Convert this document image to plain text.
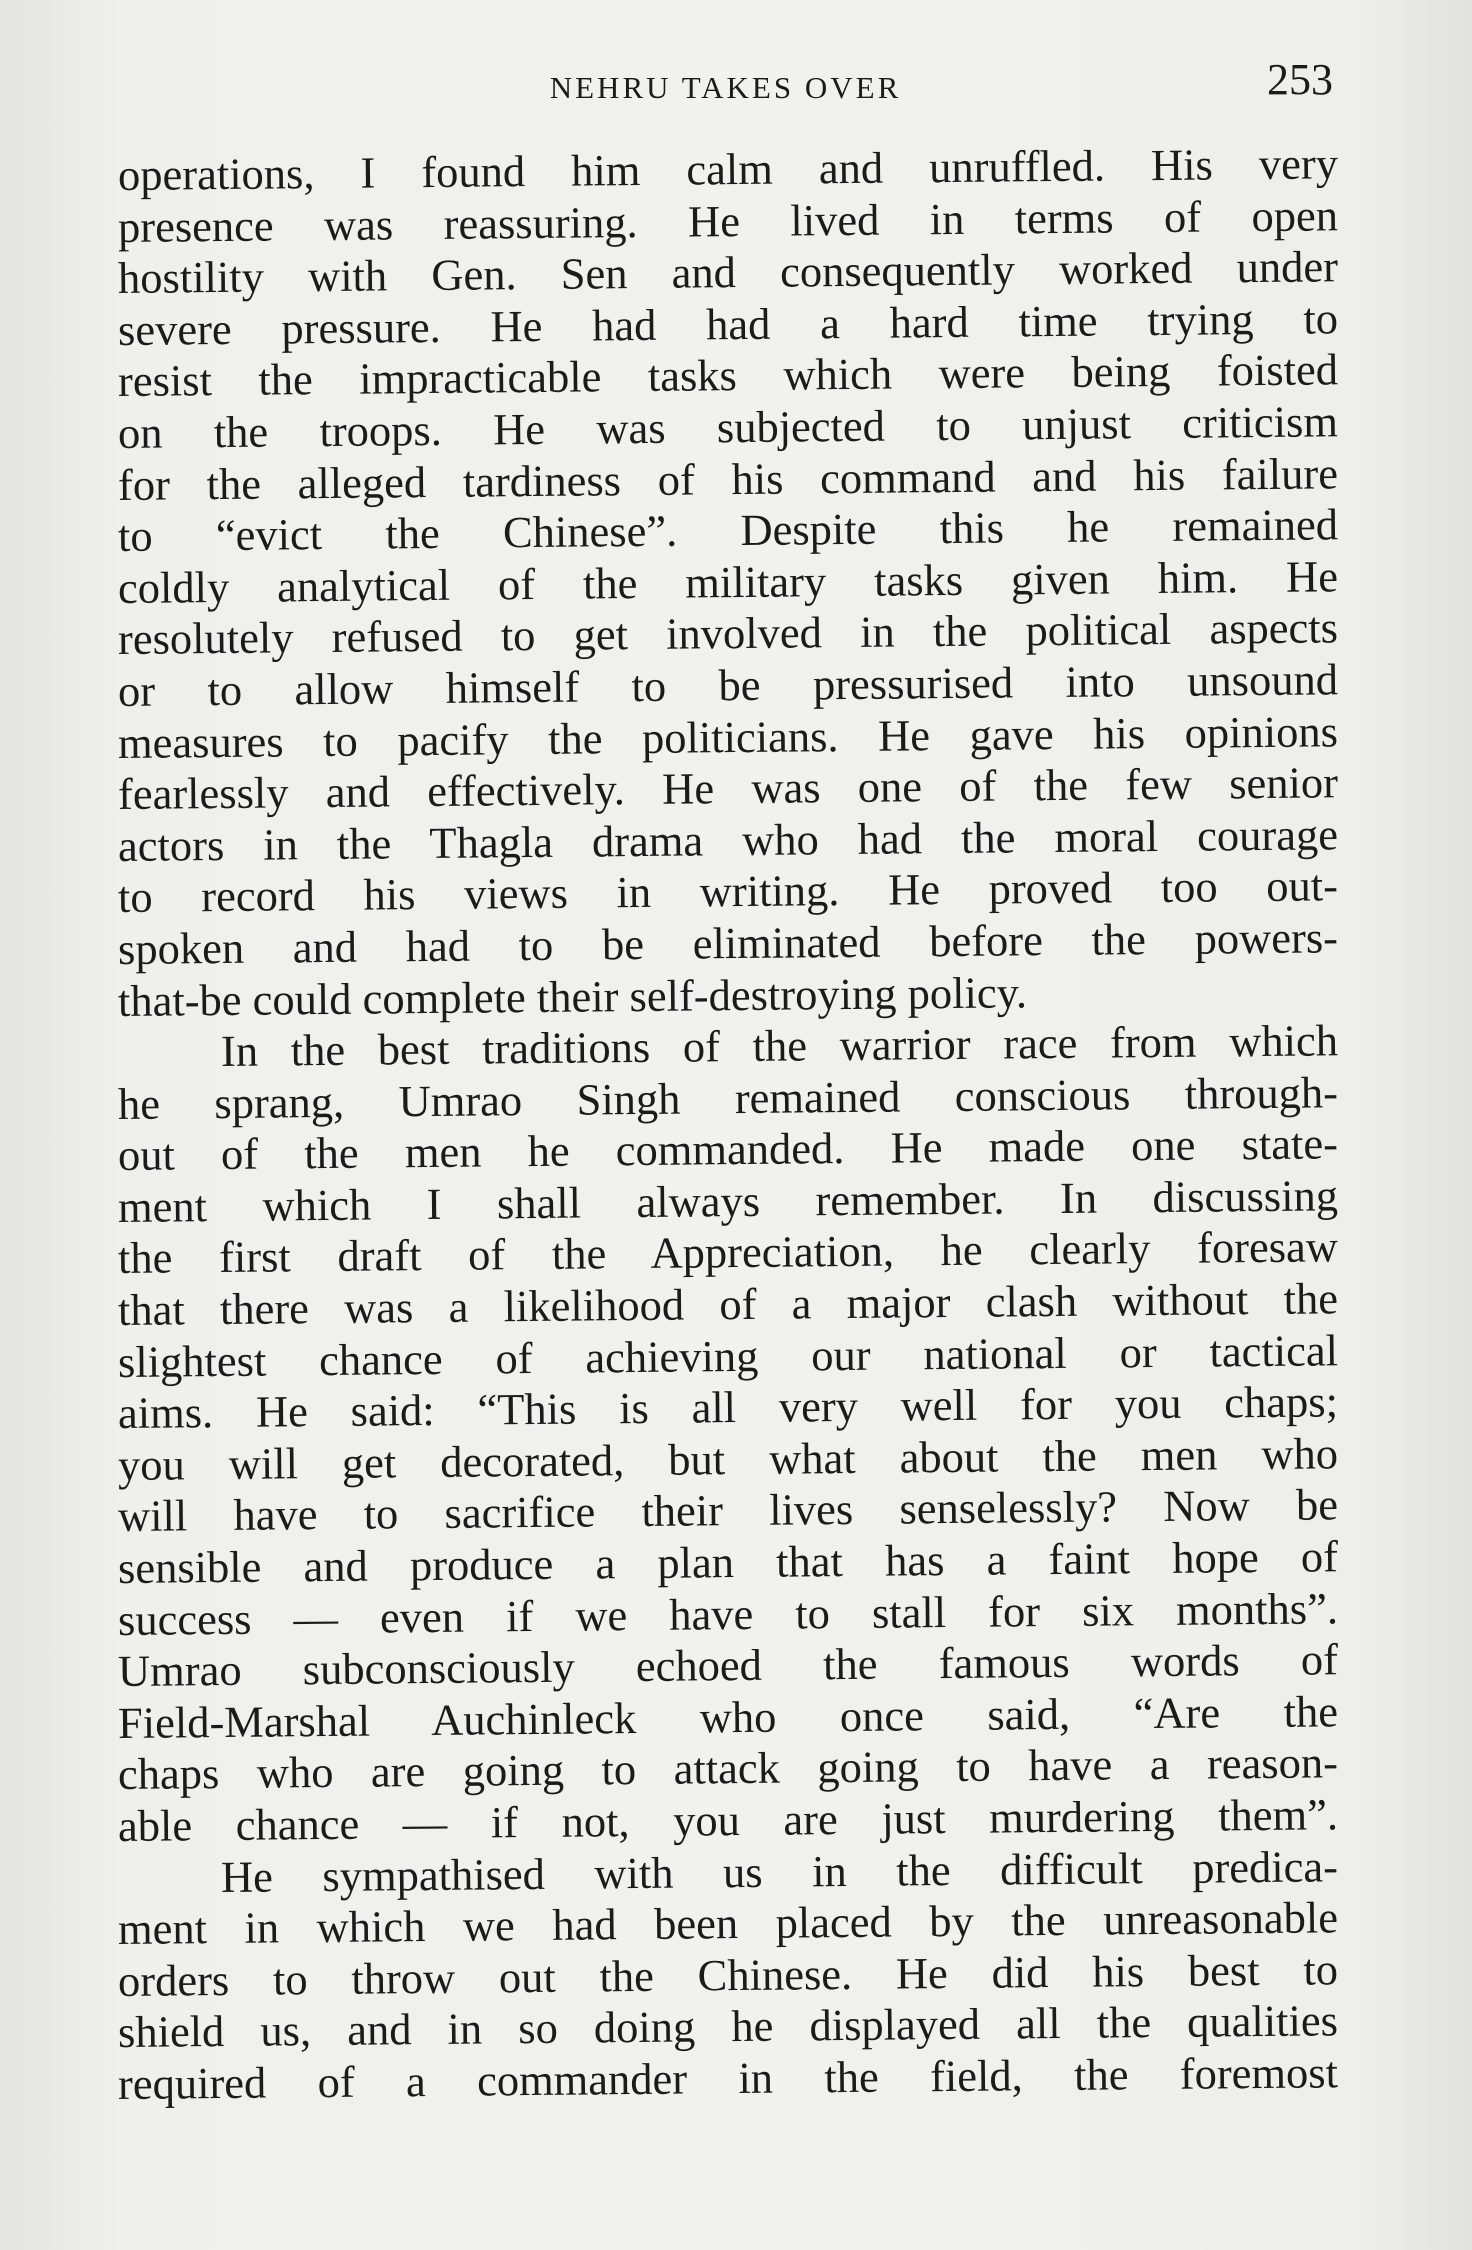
NEHRU TAKES OVER	253
operations, I found him calm and unruffled. His very
presence was reassuring. He lived in terms of open
hostility with Gen. Sen and consequently worked under
severe pressure. He had had a hard time trying to
resist the impracticable tasks which were being foisted
on the troops. He was subjected to unjust criticism
for the alleged tardiness of his command and his failure
to “evict the Chinese”. Despite this he remained
coldly analytical of the military tasks given him. He
resolutely refused to get involved in the political aspects
or to allow himself to be pressurised into unsound
measures to pacify the politicians. He gave his opinions
fearlessly and effectively. He was one of the few senior
actors in the Thagla drama who had the moral courage
to record his views in writing. He proved too out-
spoken and had to be eliminated before the powers-
that-be could complete their self-destroying policy.
In the best traditions of the warrior race from which
he sprang, Umrao Singh remained conscious through-
out of the men he commanded. He made one state-
ment which I shall always remember. In discussing
the first draft of the Appreciation, he clearly foresaw
that there was a likelihood of a major clash without the
slightest chance of achieving our national or tactical
aims. He said: “This is all very well for you chaps;
you will get decorated, but what about the men who
will have to sacrifice their lives senselessly? Now be
sensible and produce a plan that has a faint hope of
success — even if we have to stall for six months”.
Umrao subconsciously echoed the famous words of
Field-Marshal Auchinleck who once said, “Are the
chaps who are going to attack going to have a reason-
able chance — if not, you are just murdering them”.
He sympathised with us in the difficult predica-
ment in which we had been placed by the unreasonable
orders to throw out the Chinese. He did his best to
shield us, and in so doing he displayed all the qualities
required of a commander in the field, the foremost
